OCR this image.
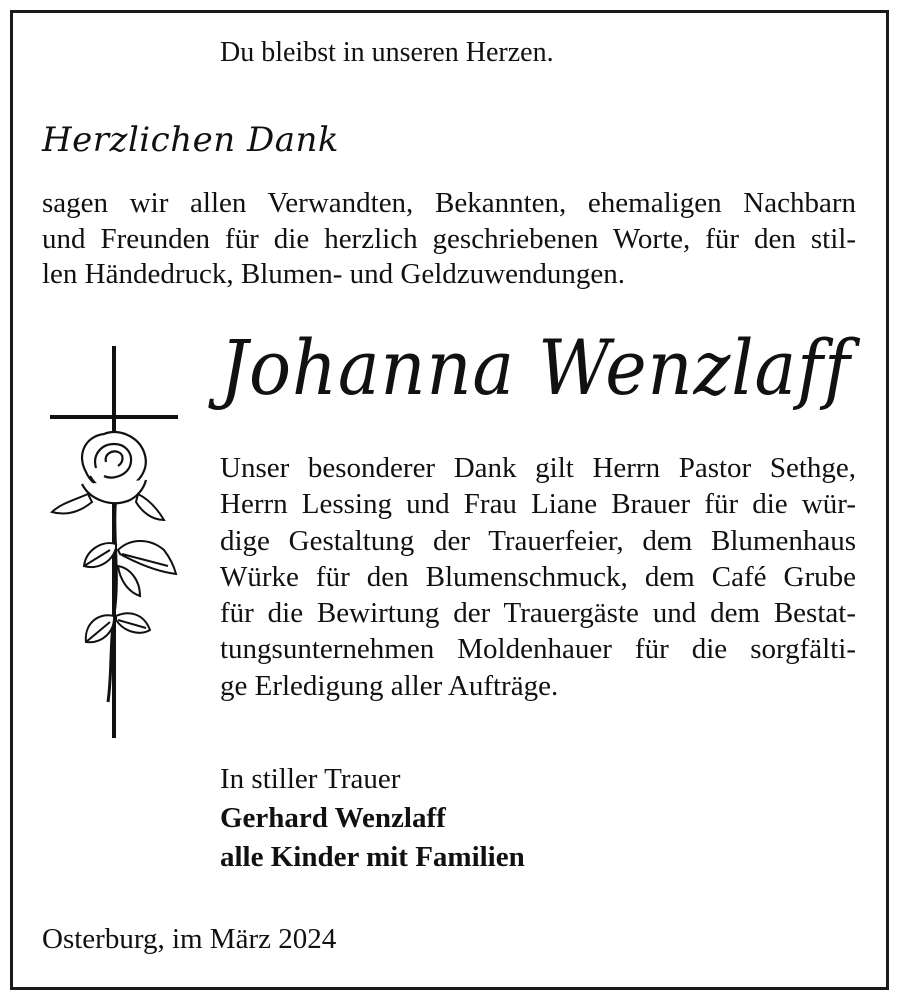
Du bleibst in unseren Herzen.
Herzlichen Dank
sagen wir allen Verwandten, Bekannten, ehemaligen Nachbarn
und Freunden für die herzlich geschriebenen Worte, für den stil-
len Händedruck, Blumen- und Geldzuwendungen.
Johanna Wenzlaff
Unser besonderer Dank gilt Herrn Pastor Sethge,
Herrn Lessing und Frau Liane Brauer für die wür-
dige Gestaltung der Trauerfeier, dem Blumenhaus
Würke für den Blumenschmuck, dem Café Grube
für die Bewirtung der Trauergäste und dem Bestat-
tungsunternehmen Moldenhauer für die sorgfälti-
ge Erledigung aller Aufträge.
In stiller Trauer
Gerhard Wenzlaff
alle Kinder mit Familien
Osterburg, im März 2024
